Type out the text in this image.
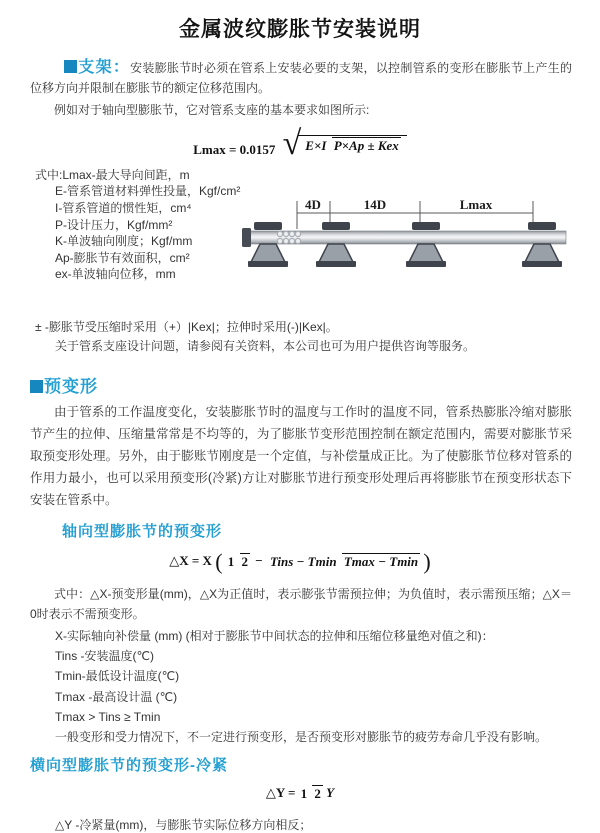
金属波纹膨胀节安装说明

支架：安装膨胀节时必须在管系上安装必要的支架，以控制管系的变形在膨胀节上产生的位移方向并限制在膨胀节的额定位移范围内。

例如对于轴向型膨胀节，它对管系支座的基本要求如图所示:

Lmax = 0.0157 √ E×I P×Ap ± Kex
式中:Lmax-最大导向间距，m
E-管系管道材料弹性投量，Kgf/cm²
I-管系管道的惯性矩，cm⁴
P-设计压力，Kgf/mm²
K-单波轴向刚度；Kgf/mm
Ap-膨胀节有效面积，cm²
ex-单波轴向位移，mm
4D	14D	Lmax
± -膨胀节受压缩时采用（+）|Kex|；拉伸时采用(-)|Kex|。
关于管系支座设计问题，请参阅有关资料，本公司也可为用户提供咨询等服务。
预变形

由于管系的工作温度变化，安装膨胀节时的温度与工作时的温度不同，管系热膨胀冷缩对膨胀节产生的拉伸、压缩量常常是不均等的，为了膨胀节变形范围控制在额定范围内，需要对膨胀节采取预变形处理。另外，由于膨账节刚度是一个定值，与补偿量成正比。为了使膨胀节位移对管系的作用力最小，也可以采用预变形(冷紧)方让对膨胀节进行预变形处理后再将膨胀节在预变形状态下安装在管系中。

轴向型膨胀节的预变形
△X = X ( 1 2 − Tins − Tmin Tmax − Tmin )

式中：△X-预变形量(mm)，△X为正值时，表示膨张节需预拉伸；为负值时，表示需预压缩；△X＝0时表示不需预变形。

X-实际轴向补偿量 (mm) (相对于膨胀节中间状态的拉伸和压缩位移量绝对值之和)：
Tins -安装温度(℃)
Tmin-最低设计温度(℃)
Tmax -最高设计温 (℃)
Tmax > Tins ≥ Tmin
一般变形和受力情况下，不一定进行预变形，是否预变形对膨胀节的疲劳寿命几乎没有影响。
横向型膨胀节的预变形-冷紧
△Y = 1 2 Y

△Y -冷紧量(mm)，与膨胀节实际位移方向相反；
